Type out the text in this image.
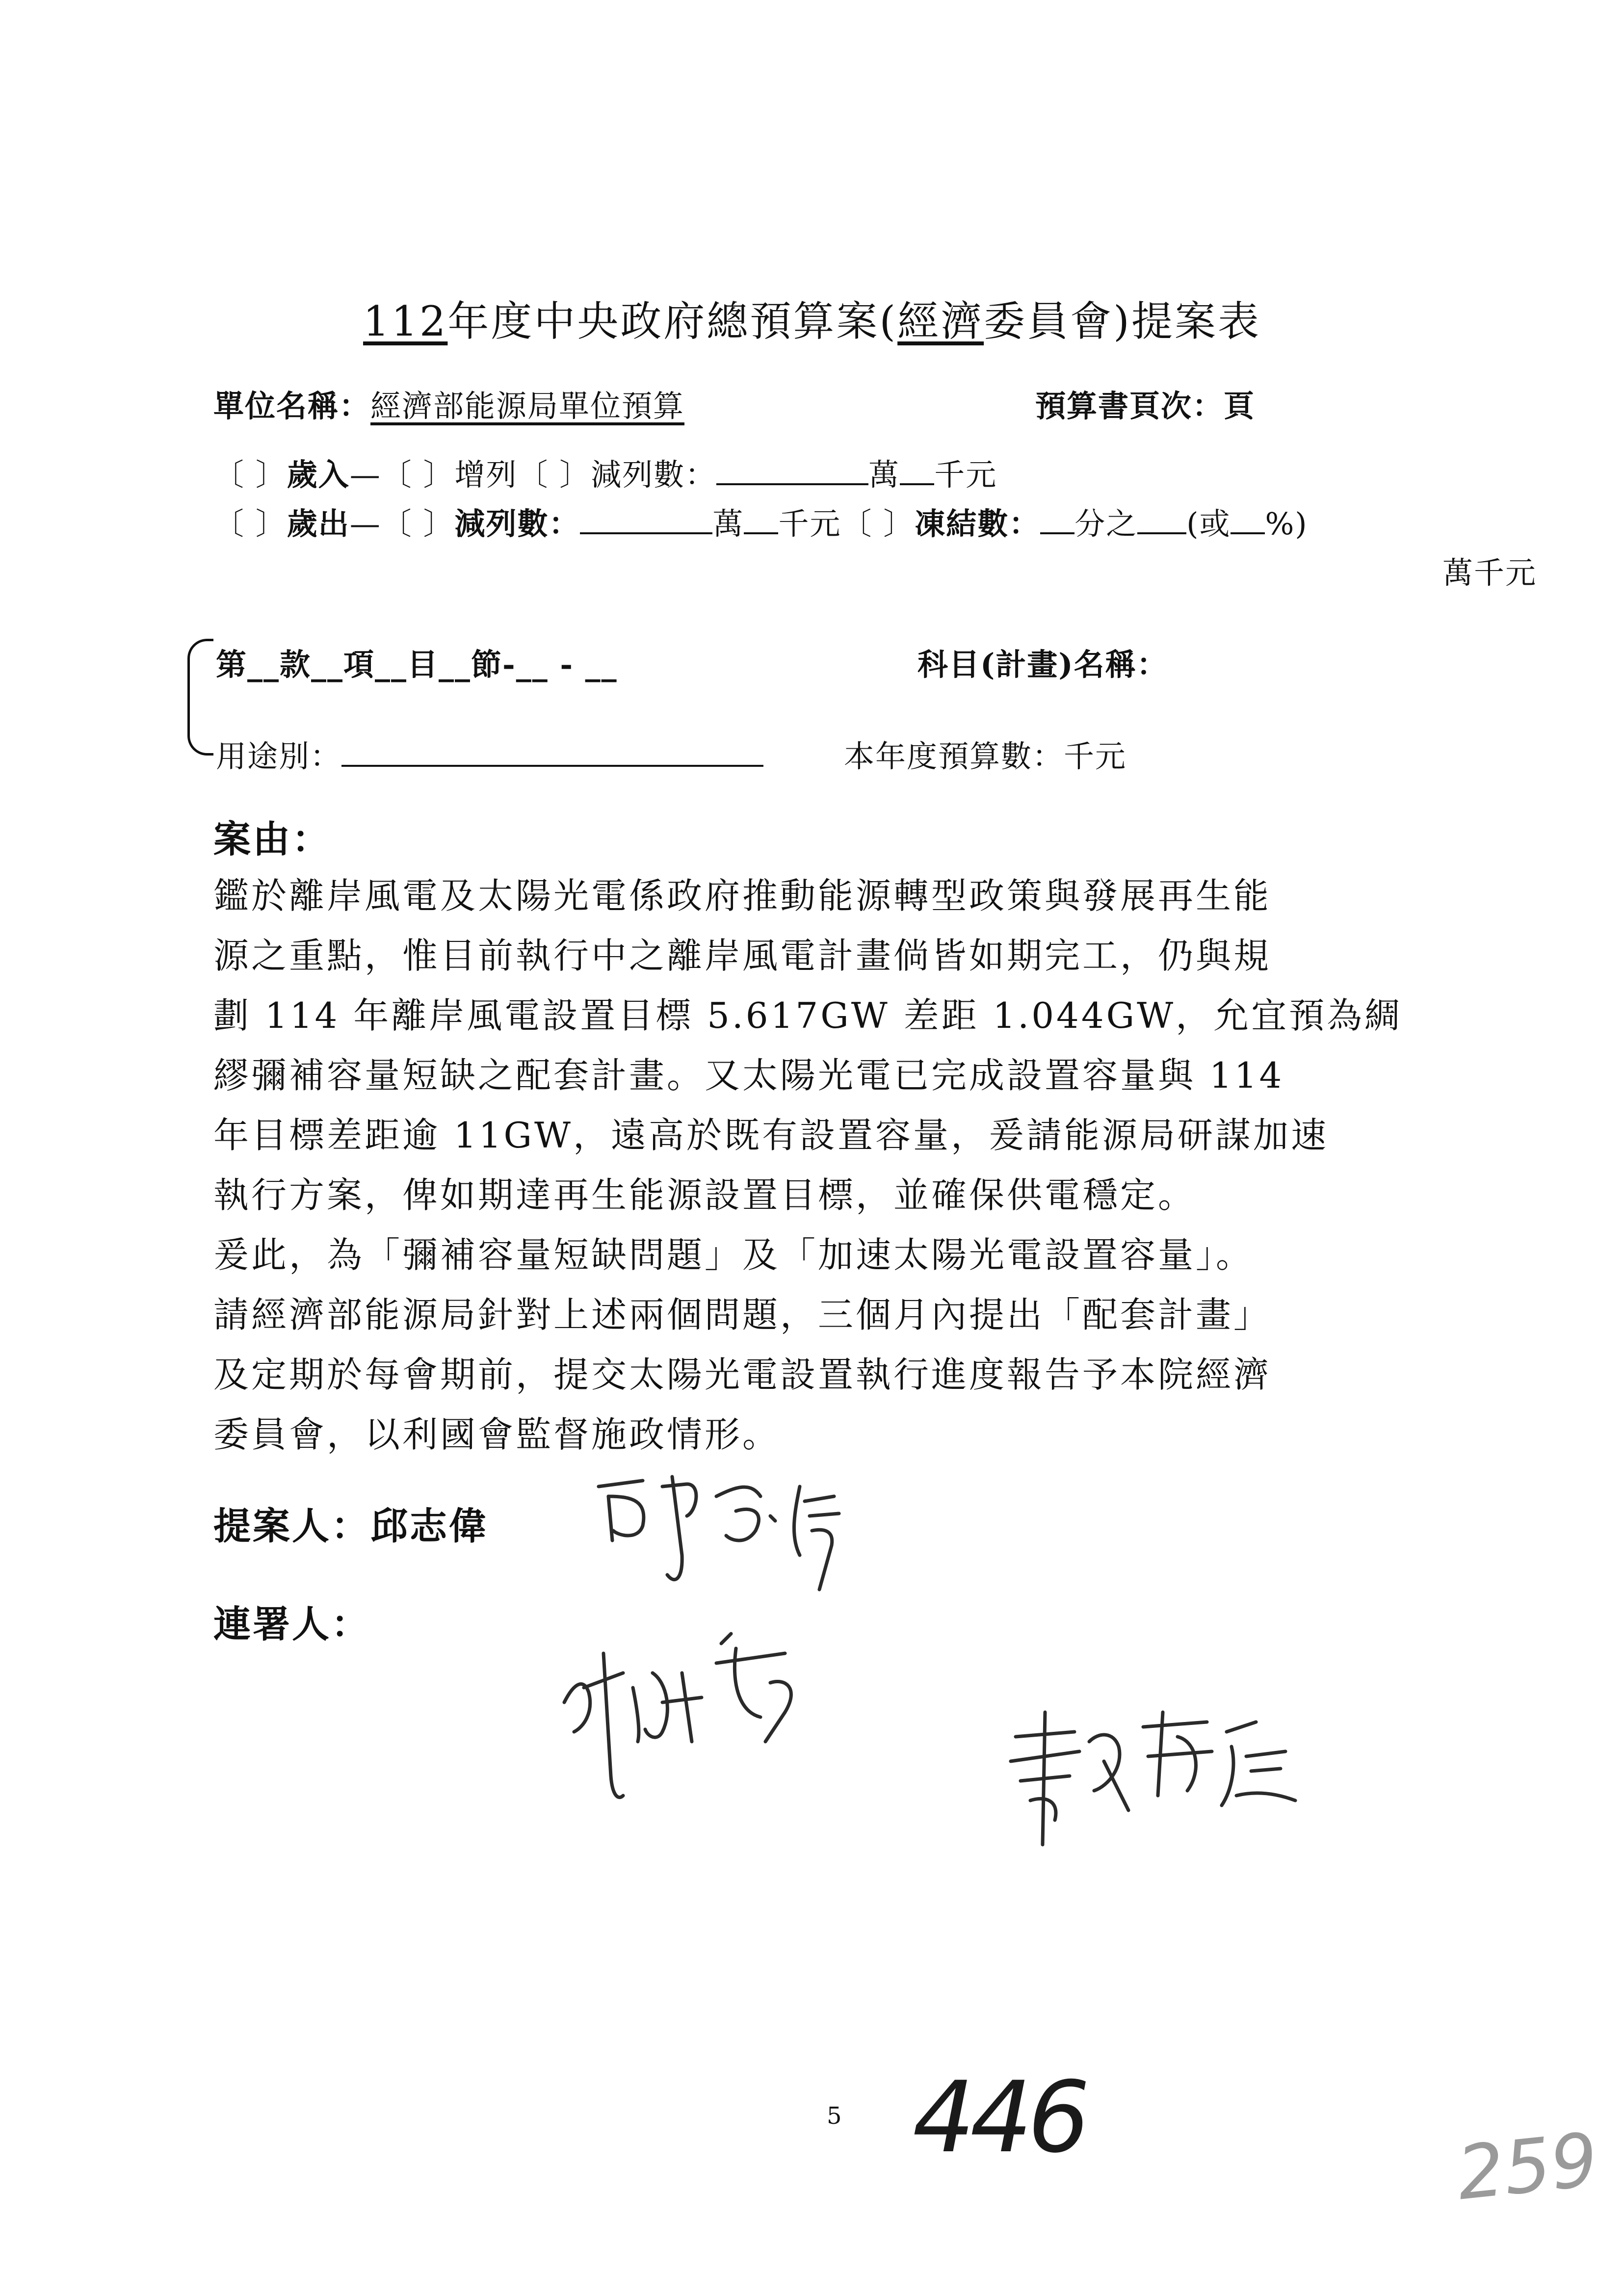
112年度中央政府總預算案(經濟委員會)提案表
單位名稱：經濟部能源局單位預算	預算書頁次：頁
〔 〕歲入—〔 〕增列〔 〕減列數：	萬 千元
〔 〕歲出—〔 〕減列數：	萬 千元〔 〕凍結數： 分之 (或 %)
萬千元
第__款__項__目__節-__ - __	科目(計畫)名稱：
用途別：	本年度預算數：千元
案由：
鑑於離岸風電及太陽光電係政府推動能源轉型政策與發展再生能
源之重點，惟目前執行中之離岸風電計畫倘皆如期完工，仍與規
劃 114 年離岸風電設置目標 5.617GW 差距 1.044GW，允宜預為綢
繆彌補容量短缺之配套計畫。又太陽光電已完成設置容量與 114
年目標差距逾 11GW，遠高於既有設置容量，爰請能源局研謀加速
執行方案，俾如期達再生能源設置目標，並確保供電穩定。
爰此，為「彌補容量短缺問題」及「加速太陽光電設置容量」。
請經濟部能源局針對上述兩個問題，三個月內提出「配套計畫」
及定期於每會期前，提交太陽光電設置執行進度報告予本院經濟
委員會，以利國會監督施政情形。
提案人：邱志偉
連署人：
5 446	259
